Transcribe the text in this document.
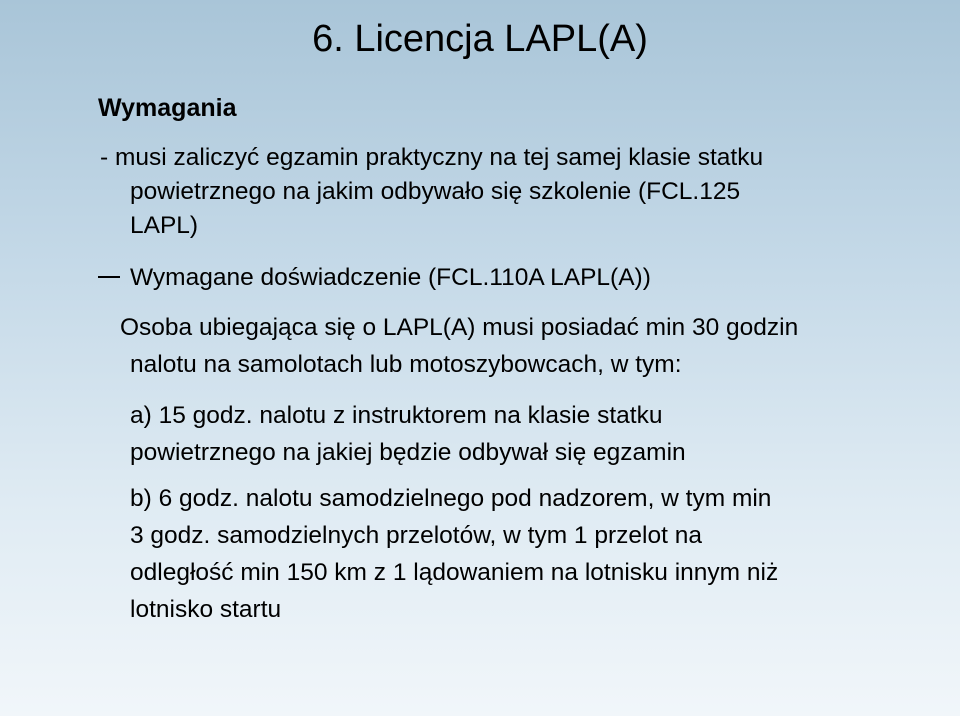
6. Licencja LAPL(A)
Wymagania
- musi zaliczyć egzamin praktyczny na tej samej klasie statku

powietrznego na jakim odbywało się szkolenie (FCL.125
LAPL)
Wymagane doświadczenie (FCL.110A LAPL(A))
Osoba ubiegająca się o LAPL(A) musi posiadać min 30 godzin
nalotu na samolotach lub motoszybowcach, w tym:
a) 15 godz. nalotu z instruktorem na klasie statku
powietrznego na jakiej będzie odbywał się egzamin
b) 6 godz. nalotu samodzielnego pod nadzorem, w tym min
3 godz. samodzielnych przelotów, w tym 1 przelot na
odległość min 150 km z 1 lądowaniem na lotnisku innym niż
lotnisko startu
